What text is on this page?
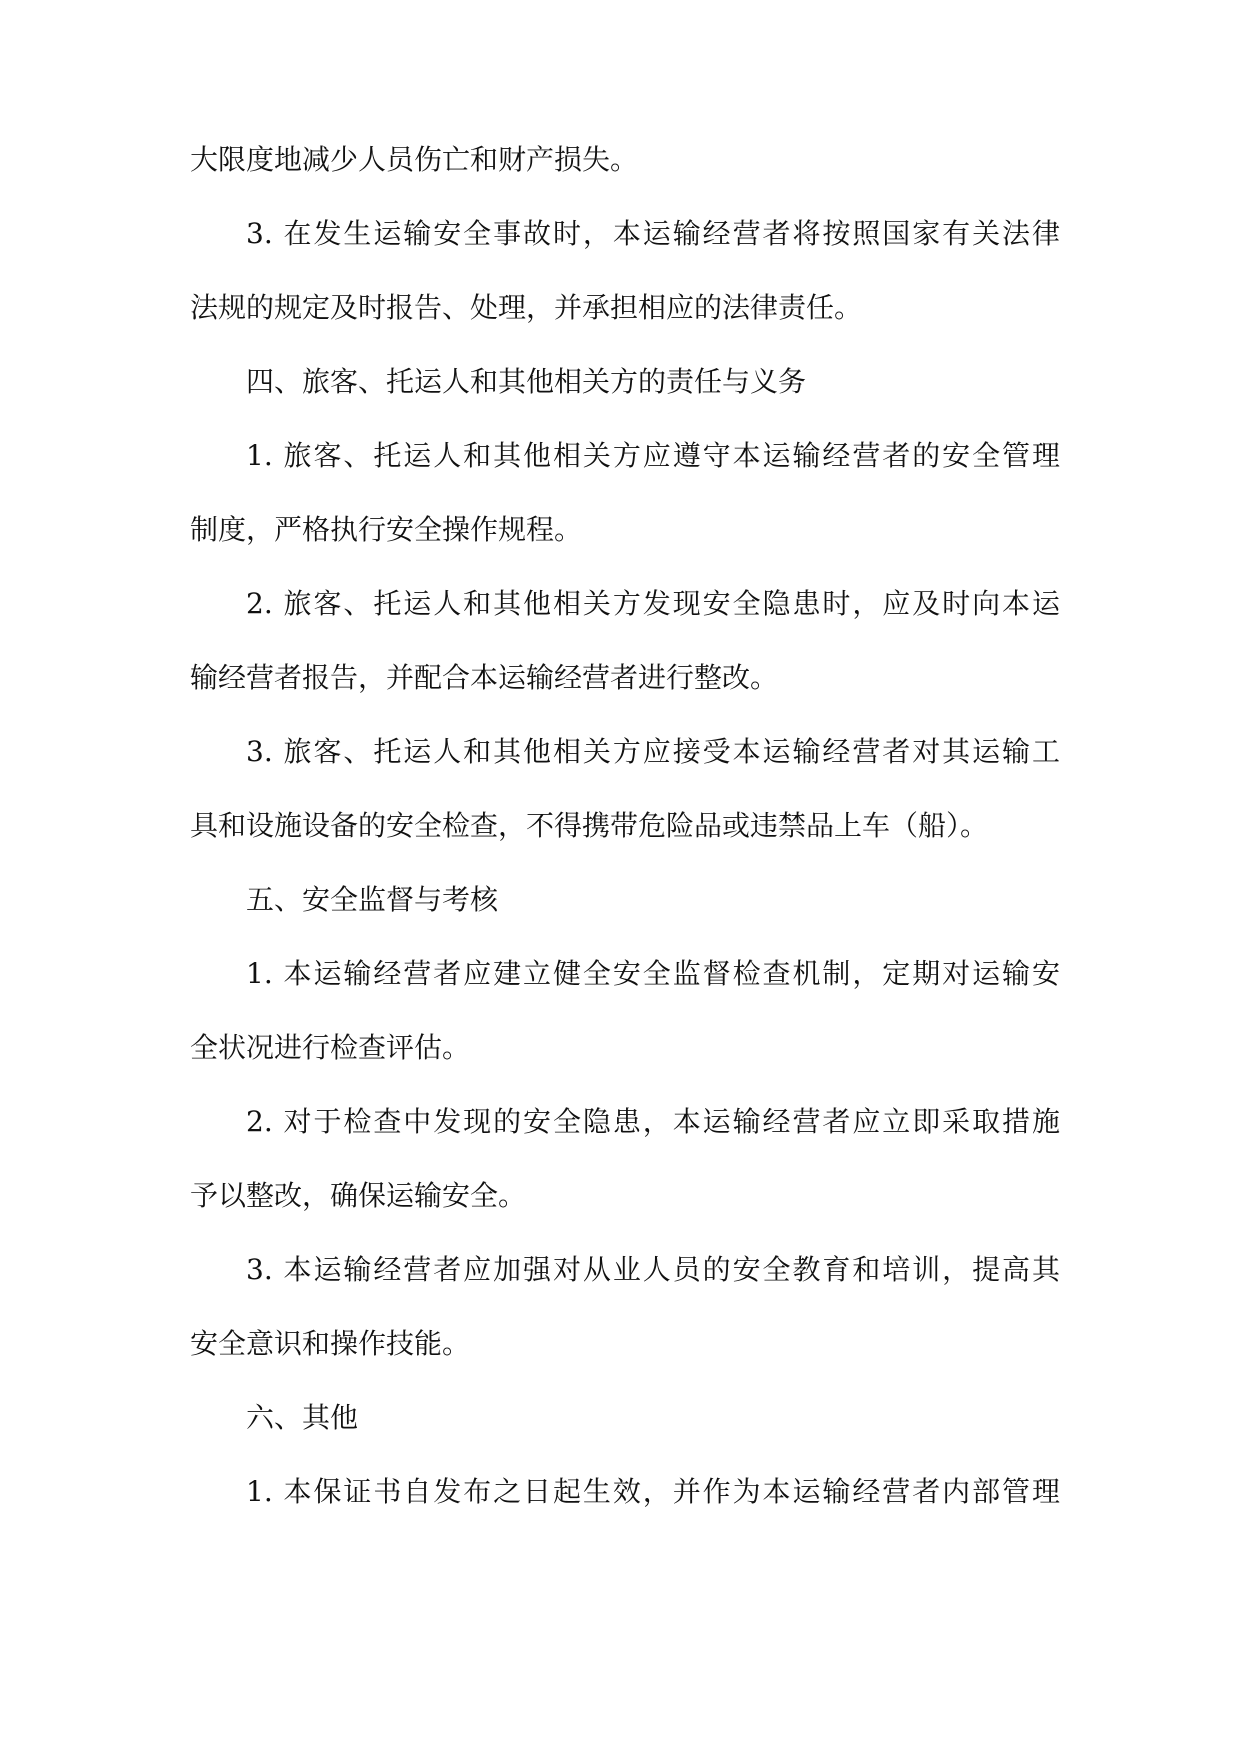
大限度地减少人员伤亡和财产损失。
3. 在发生运输安全事故时，本运输经营者将按照国家有关法律
法规的规定及时报告、处理，并承担相应的法律责任。
四、旅客、托运人和其他相关方的责任与义务
1. 旅客、托运人和其他相关方应遵守本运输经营者的安全管理
制度，严格执行安全操作规程。
2. 旅客、托运人和其他相关方发现安全隐患时，应及时向本运
输经营者报告，并配合本运输经营者进行整改。
3. 旅客、托运人和其他相关方应接受本运输经营者对其运输工
具和设施设备的安全检查，不得携带危险品或违禁品上车（船）。
五、安全监督与考核
1. 本运输经营者应建立健全安全监督检查机制，定期对运输安
全状况进行检查评估。
2. 对于检查中发现的安全隐患，本运输经营者应立即采取措施
予以整改，确保运输安全。
3. 本运输经营者应加强对从业人员的安全教育和培训，提高其
安全意识和操作技能。
六、其他
1. 本保证书自发布之日起生效，并作为本运输经营者内部管理
